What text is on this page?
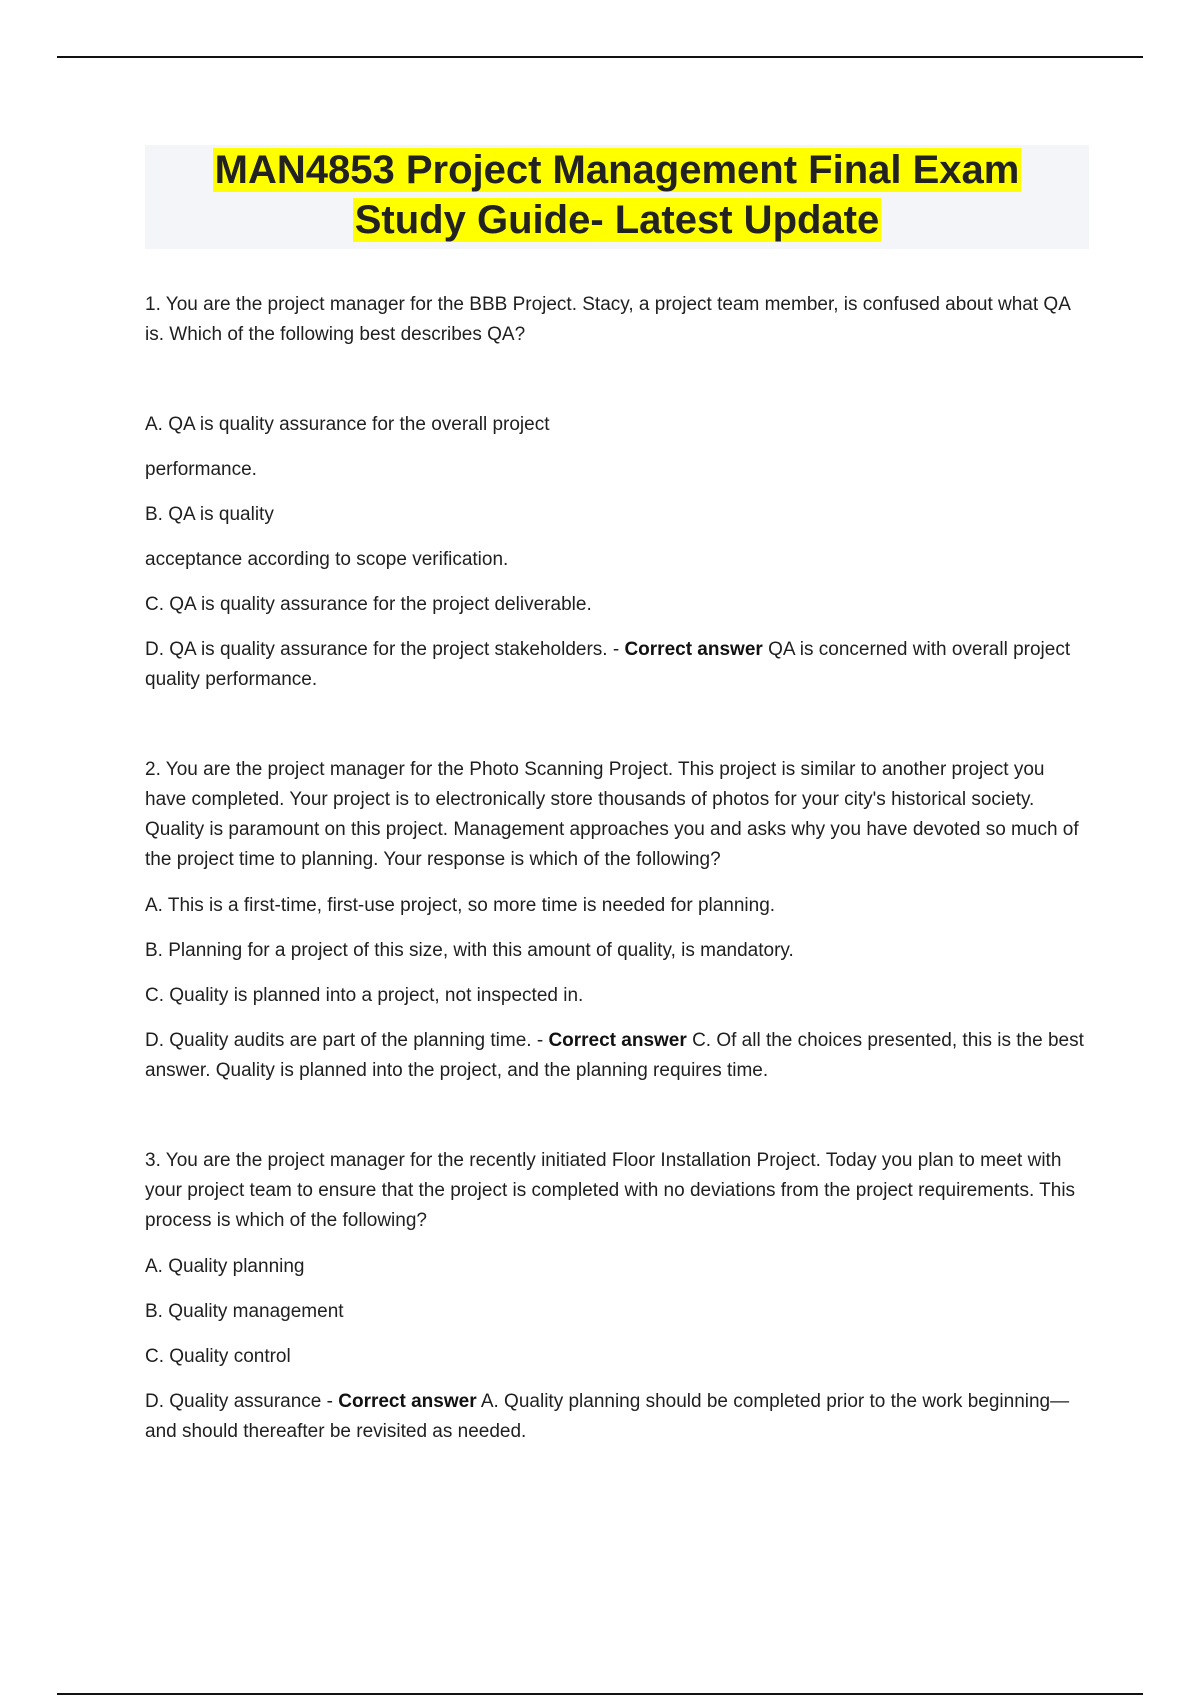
MAN4853 Project Management Final Exam
Study Guide- Latest Update

1. You are the project manager for the BBB Project. Stacy, a project team member, is confused about what QA is. Which of the following best describes QA?

A. QA is quality assurance for the overall project

performance.

B. QA is quality

acceptance according to scope verification.

C. QA is quality assurance for the project deliverable.

D. QA is quality assurance for the project stakeholders. - Correct answer QA is concerned with overall project quality performance.

2. You are the project manager for the Photo Scanning Project. This project is similar to another project you have completed. Your project is to electronically store thousands of photos for your city's historical society. Quality is paramount on this project. Management approaches you and asks why you have devoted so much of the project time to planning. Your response is which of the following?

A. This is a first-time, first-use project, so more time is needed for planning.

B. Planning for a project of this size, with this amount of quality, is mandatory.

C. Quality is planned into a project, not inspected in.

D. Quality audits are part of the planning time. - Correct answer C. Of all the choices presented, this is the best answer. Quality is planned into the project, and the planning requires time.

3. You are the project manager for the recently initiated Floor Installation Project. Today you plan to meet with your project team to ensure that the project is completed with no deviations from the project requirements. This process is which of the following?

A. Quality planning

B. Quality management

C. Quality control

D. Quality assurance - Correct answer A. Quality planning should be completed prior to the work beginning—and should thereafter be revisited as needed.
